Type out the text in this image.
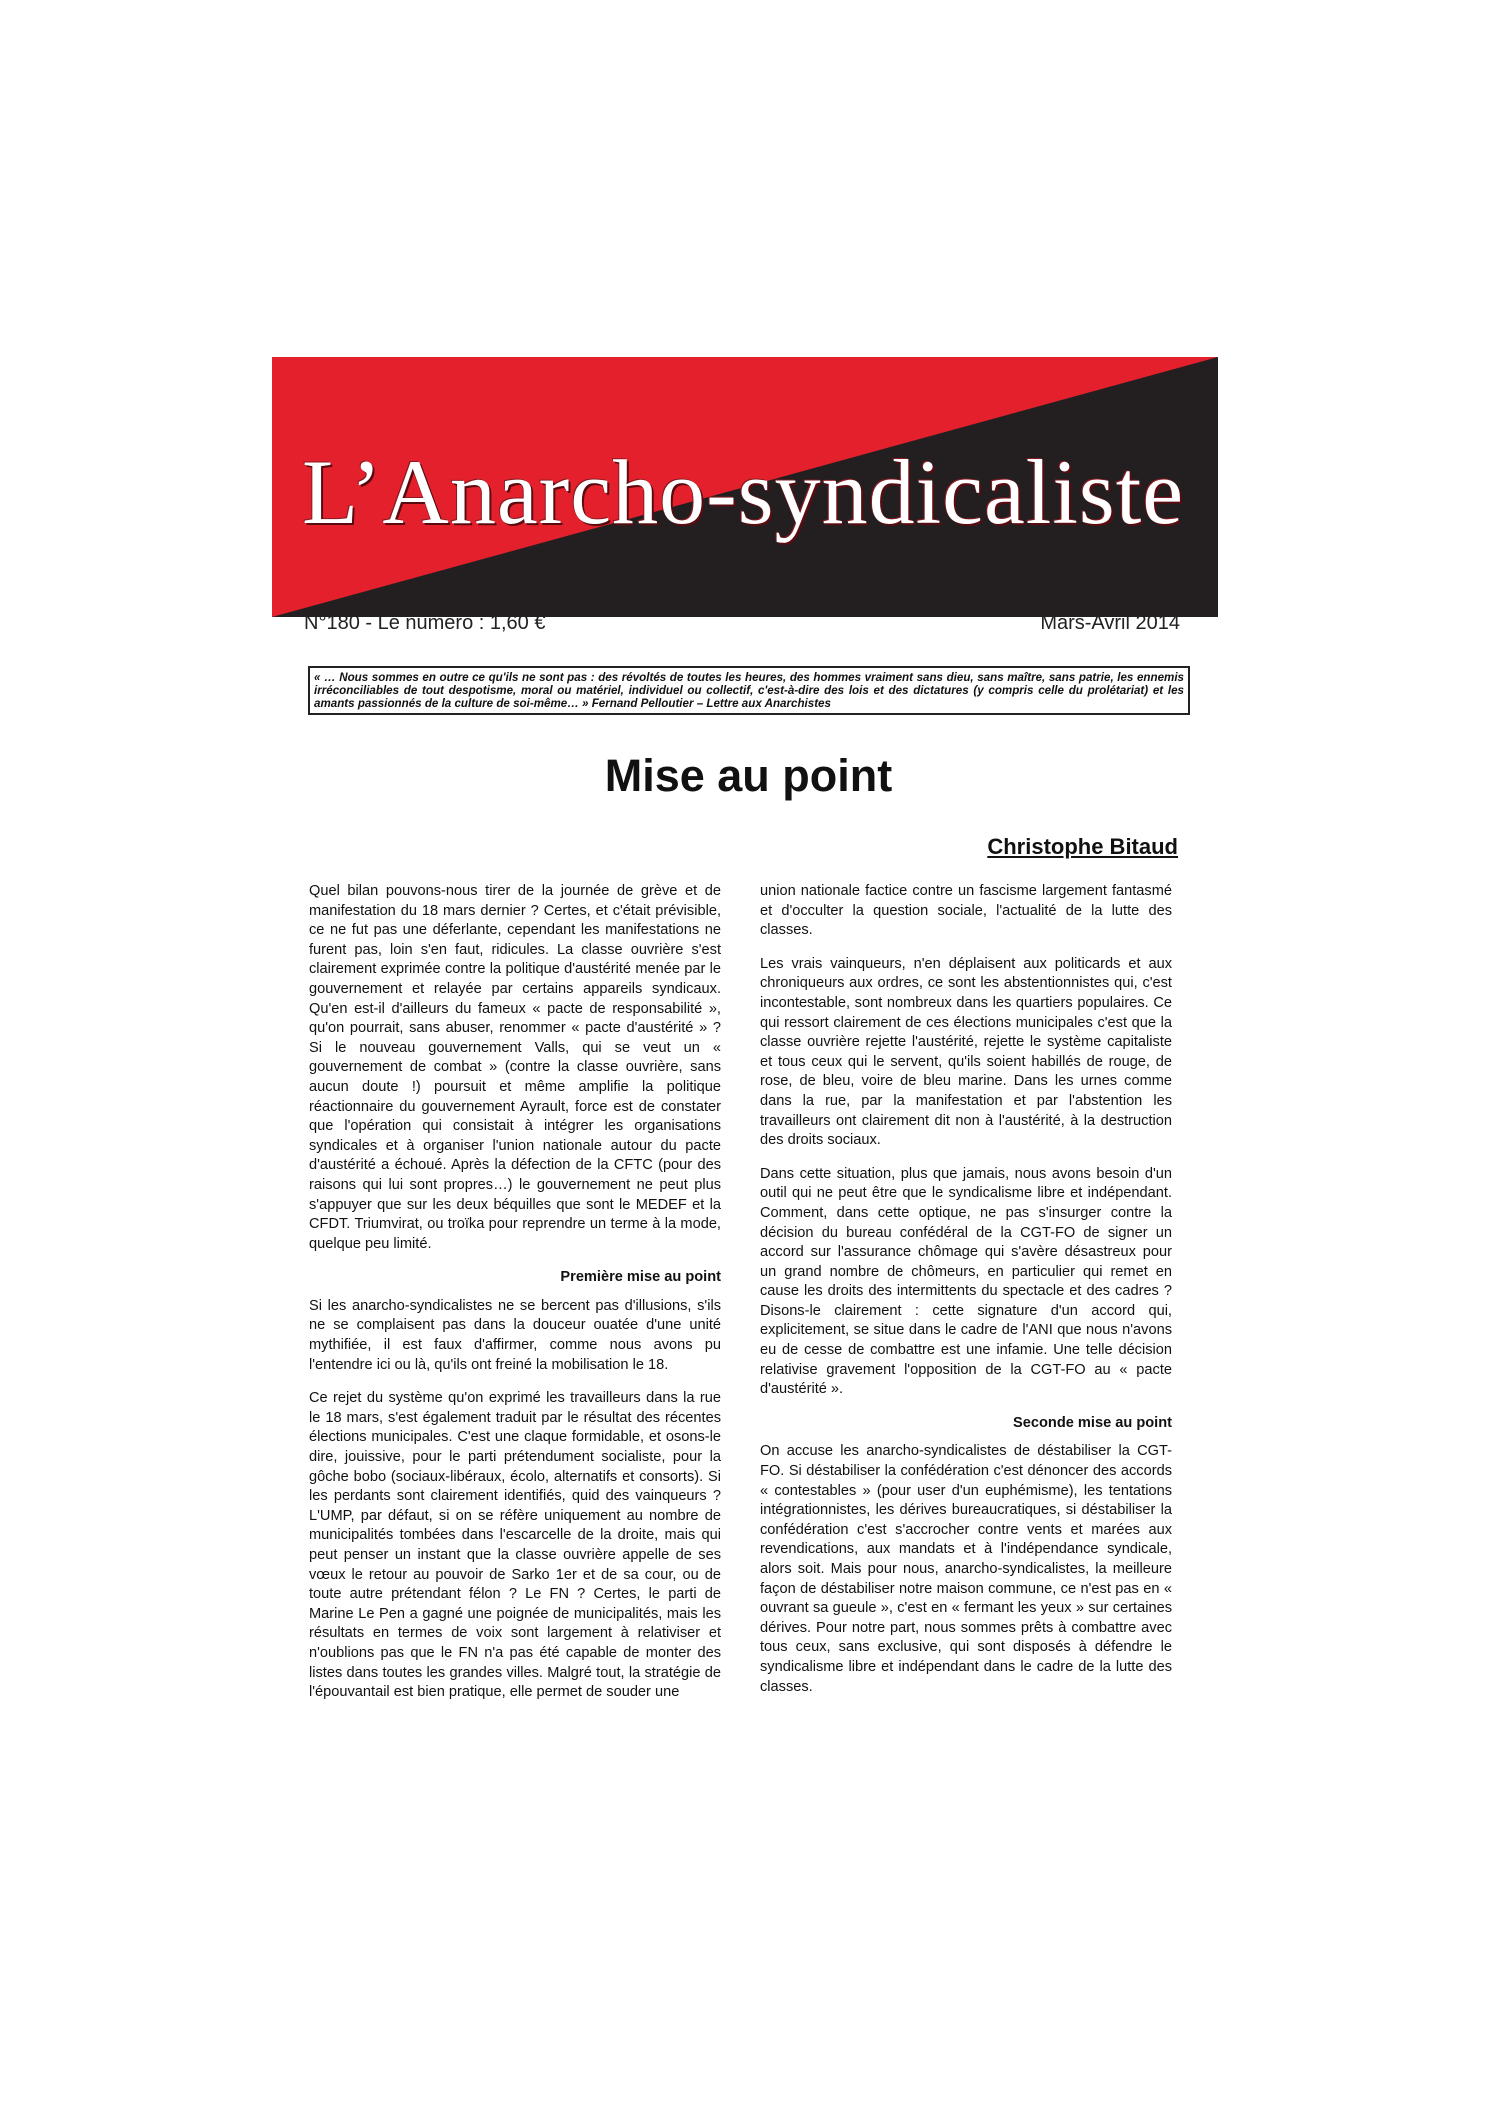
L’Anarcho-syndicaliste
N°180 - Le numéro : 1,60 €	Mars-Avril 2014
« … Nous sommes en outre ce qu'ils ne sont pas : des révoltés de toutes les heures, des hommes vraiment sans dieu, sans maître, sans patrie, les ennemis irréconciliables de tout despotisme, moral ou matériel, individuel ou collectif, c'est-à-dire des lois et des dictatures (y compris celle du prolétariat) et les amants passionnés de la culture de soi-même… » Fernand Pelloutier – Lettre aux Anarchistes
Mise au point
Christophe Bitaud

Quel bilan pouvons-nous tirer de la journée de grève et de manifestation du 18 mars dernier ? Certes, et c'était prévisible, ce ne fut pas une déferlante, cependant les manifestations ne furent pas, loin s'en faut, ridicules. La classe ouvrière s'est clairement exprimée contre la politique d'austérité menée par le gouvernement et relayée par certains appareils syndicaux. Qu'en est-il d'ailleurs du fameux « pacte de responsabilité », qu'on pourrait, sans abuser, renommer « pacte d'austérité » ? Si le nouveau gouvernement Valls, qui se veut un « gouvernement de combat » (contre la classe ouvrière, sans aucun doute !) poursuit et même amplifie la politique réactionnaire du gouvernement Ayrault, force est de constater que l'opération qui consistait à intégrer les organisations syndicales et à organiser l'union nationale autour du pacte d'austérité a échoué. Après la défection de la CFTC (pour des raisons qui lui sont propres…) le gouvernement ne peut plus s'appuyer que sur les deux béquilles que sont le MEDEF et la CFDT. Triumvirat, ou troïka pour reprendre un terme à la mode, quelque peu limité.

Première mise au point

Si les anarcho-syndicalistes ne se bercent pas d'illusions, s'ils ne se complaisent pas dans la douceur ouatée d'une unité mythifiée, il est faux d'affirmer, comme nous avons pu l'entendre ici ou là, qu'ils ont freiné la mobilisation le 18.

Ce rejet du système qu'on exprimé les travailleurs dans la rue le 18 mars, s'est également traduit par le résultat des récentes élections municipales. C'est une claque formidable, et osons-le dire, jouissive, pour le parti prétendument socialiste, pour la gôche bobo (sociaux-libéraux, écolo, alternatifs et consorts). Si les perdants sont clairement identifiés, quid des vainqueurs ? L'UMP, par défaut, si on se réfère uniquement au nombre de municipalités tombées dans l'escarcelle de la droite, mais qui peut penser un instant que la classe ouvrière appelle de ses vœux le retour au pouvoir de Sarko 1er et de sa cour, ou de toute autre prétendant félon ? Le FN ? Certes, le parti de Marine Le Pen a gagné une poignée de municipalités, mais les résultats en termes de voix sont largement à relativiser et n'oublions pas que le FN n'a pas été capable de monter des listes dans toutes les grandes villes. Malgré tout, la stratégie de l'épouvantail est bien pratique, elle permet de souder une

union nationale factice contre un fascisme largement fantasmé et d'occulter la question sociale, l'actualité de la lutte des classes.

Les vrais vainqueurs, n'en déplaisent aux politicards et aux chroniqueurs aux ordres, ce sont les abstentionnistes qui, c'est incontestable, sont nombreux dans les quartiers populaires. Ce qui ressort clairement de ces élections municipales c'est que la classe ouvrière rejette l'austérité, rejette le système capitaliste et tous ceux qui le servent, qu'ils soient habillés de rouge, de rose, de bleu, voire de bleu marine. Dans les urnes comme dans la rue, par la manifestation et par l'abstention les travailleurs ont clairement dit non à l'austérité, à la destruction des droits sociaux.

Dans cette situation, plus que jamais, nous avons besoin d'un outil qui ne peut être que le syndicalisme libre et indépendant. Comment, dans cette optique, ne pas s'insurger contre la décision du bureau confédéral de la CGT-FO de signer un accord sur l'assurance chômage qui s'avère désastreux pour un grand nombre de chômeurs, en particulier qui remet en cause les droits des intermittents du spectacle et des cadres ? Disons-le clairement : cette signature d'un accord qui, explicitement, se situe dans le cadre de l'ANI que nous n'avons eu de cesse de combattre est une infamie. Une telle décision relativise gravement l'opposition de la CGT-FO au « pacte d'austérité ».

Seconde mise au point

On accuse les anarcho-syndicalistes de déstabiliser la CGT-FO. Si déstabiliser la confédération c'est dénoncer des accords « contestables » (pour user d'un euphémisme), les tentations intégrationnistes, les dérives bureaucratiques, si déstabiliser la confédération c'est s'accrocher contre vents et marées aux revendications, aux mandats et à l'indépendance syndicale, alors soit. Mais pour nous, anarcho-syndicalistes, la meilleure façon de déstabiliser notre maison commune, ce n'est pas en « ouvrant sa gueule », c'est en « fermant les yeux » sur certaines dérives. Pour notre part, nous sommes prêts à combattre avec tous ceux, sans exclusive, qui sont disposés à défendre le syndicalisme libre et indépendant dans le cadre de la lutte des classes.
